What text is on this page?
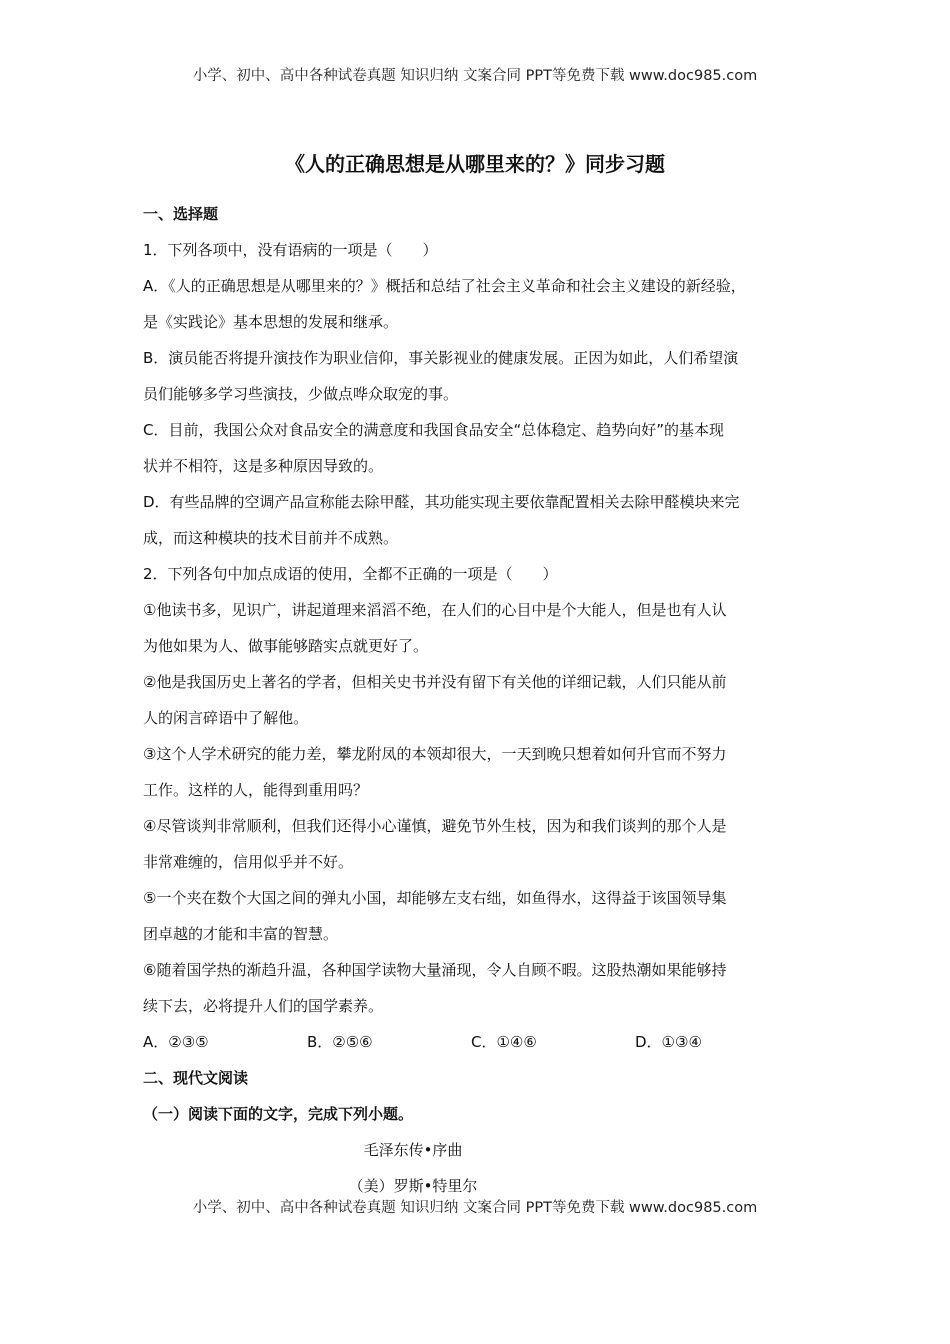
小学、初中、高中各种试卷真题 知识归纳 文案合同 PPT等免费下载 www.doc985.com
《人的正确思想是从哪里来的？》同步习题
一、选择题
1．下列各项中，没有语病的一项是（　　）
A．《人的正确思想是从哪里来的？》概括和总结了社会主义革命和社会主义建设的新经验，
是《实践论》基本思想的发展和继承。
B．演员能否将提升演技作为职业信仰，事关影视业的健康发展。正因为如此，人们希望演
员们能够多学习些演技，少做点哗众取宠的事。
C．目前，我国公众对食品安全的满意度和我国食品安全“总体稳定、趋势向好”的基本现
状并不相符，这是多种原因导致的。
D．有些品牌的空调产品宣称能去除甲醛，其功能实现主要依靠配置相关去除甲醛模块来完
成，而这种模块的技术目前并不成熟。
2．下列各句中加点成语的使用，全都不正确的一项是（　　）
①他读书多，见识广，讲起道理来滔滔不绝，在人们的心目中是个大能人，但是也有人认
为他如果为人、做事能够踏实点就更好了。
②他是我国历史上著名的学者，但相关史书并没有留下有关他的详细记载，人们只能从前
人的闲言碎语中了解他。
③这个人学术研究的能力差，攀龙附凤的本领却很大，一天到晚只想着如何升官而不努力
工作。这样的人，能得到重用吗？
④尽管谈判非常顺利，但我们还得小心谨慎，避免节外生枝，因为和我们谈判的那个人是
非常难缠的，信用似乎并不好。
⑤一个夹在数个大国之间的弹丸小国，却能够左支右绌，如鱼得水，这得益于该国领导集
团卓越的才能和丰富的智慧。
⑥随着国学热的渐趋升温，各种国学读物大量涌现，令人自顾不暇。这股热潮如果能够持
续下去，必将提升人们的国学素养。
A．②③⑤	B．②⑤⑥	C．①④⑥	D．①③④
二、现代文阅读
（一）阅读下面的文字，完成下列小题。
毛泽东传•序曲
（美）罗斯•特里尔
小学、初中、高中各种试卷真题 知识归纳 文案合同 PPT等免费下载 www.doc985.com
